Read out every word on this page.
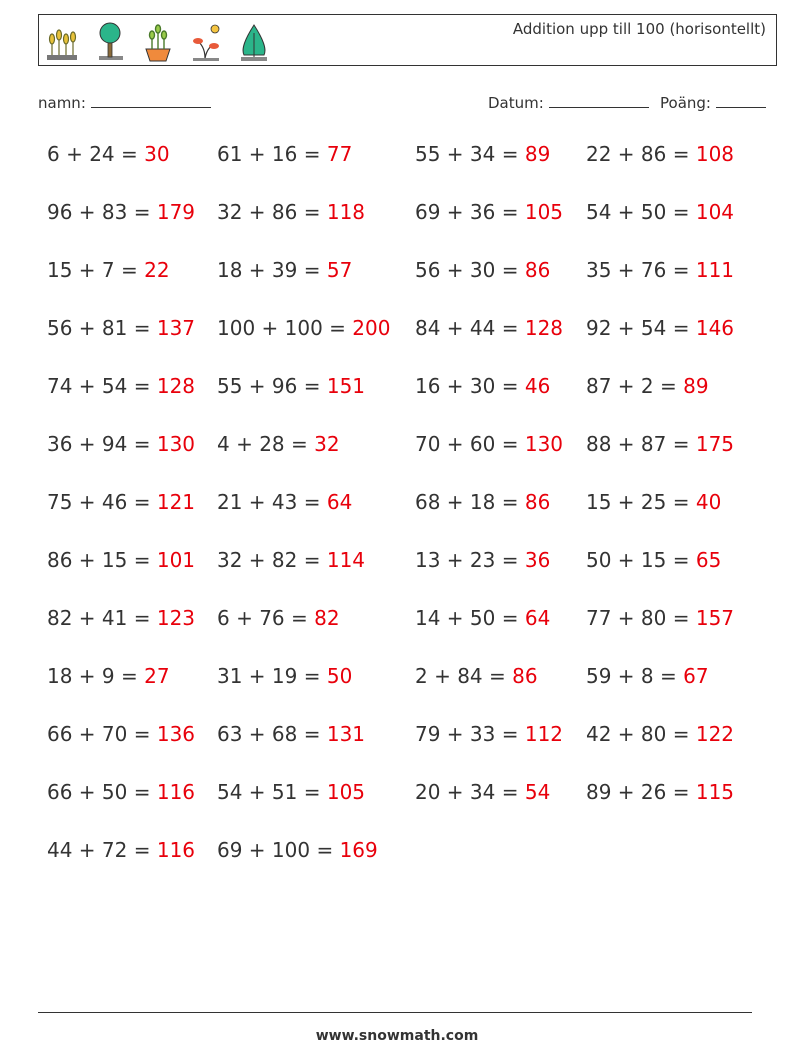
Addition upp till 100 (horisontellt)
namn:	Datum:	Poäng:
6 + 24 = 30 61 + 16 = 77	55 + 34 = 89 22 + 86 = 108
96 + 83 = 179 32 + 86 = 118 69 + 36 = 105 54 + 50 = 104
15 + 7 = 22 18 + 39 = 57	56 + 30 = 86 35 + 76 = 111
56 + 81 = 137 100 + 100 = 200 84 + 44 = 128 92 + 54 = 146
74 + 54 = 128 55 + 96 = 151 16 + 30 = 46 87 + 2 = 89
36 + 94 = 130 4 + 28 = 32	70 + 60 = 130 88 + 87 = 175
75 + 46 = 121 21 + 43 = 64	68 + 18 = 86 15 + 25 = 40
86 + 15 = 101 32 + 82 = 114 13 + 23 = 36 50 + 15 = 65
82 + 41 = 123 6 + 76 = 82	14 + 50 = 64 77 + 80 = 157
18 + 9 = 27 31 + 19 = 50	2 + 84 = 86 59 + 8 = 67
66 + 70 = 136 63 + 68 = 131 79 + 33 = 112 42 + 80 = 122
66 + 50 = 116 54 + 51 = 105 20 + 34 = 54 89 + 26 = 115
44 + 72 = 116 69 + 100 = 169
www.snowmath.com
